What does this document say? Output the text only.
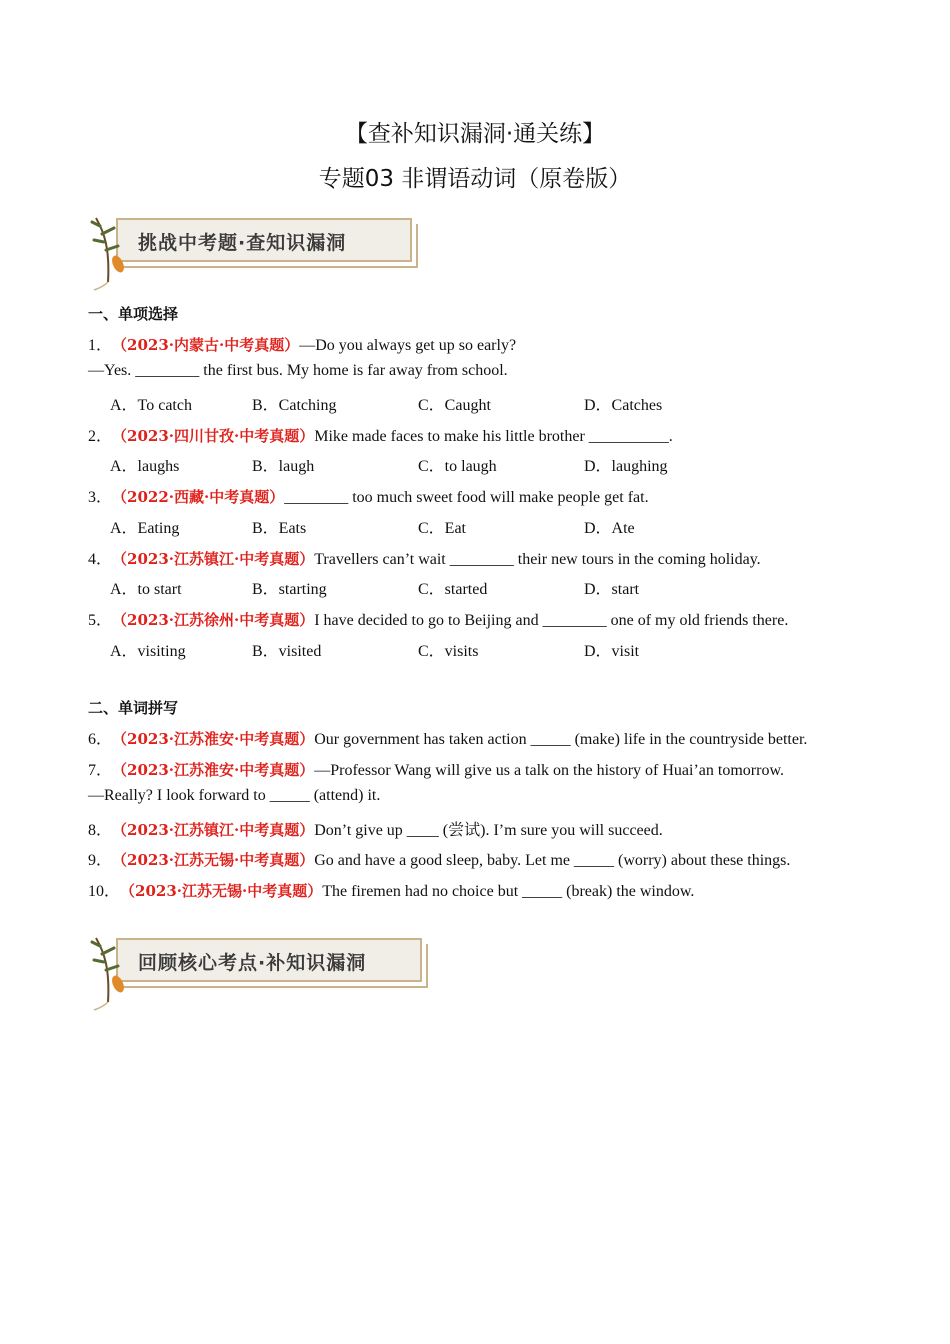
【查补知识漏洞·通关练】
专题03 非谓语动词（原卷版）
挑战中考题·查知识漏洞
一、单项选择
1．（2023·内蒙古·中考真题）—Do you always get up so early?
—Yes. ________ the first bus. My home is far away from school.
A．To catch	B．Catching	C．Caught	D．Catches
2．（2023·四川甘孜·中考真题）Mike made faces to make his little brother __________.
A．laughs	B．laugh	C．to laugh	D．laughing
3．（2022·西藏·中考真题）________ too much sweet food will make people get fat.
A．Eating	B．Eats	C．Eat	D．Ate
4．（2023·江苏镇江·中考真题）Travellers can’t wait ________ their new tours in the coming holiday.
A．to start	B．starting	C．started	D．start
5．（2023·江苏徐州·中考真题）I have decided to go to Beijing and ________ one of my old friends there.
A．visiting	B．visited	C．visits	D．visit
二、单词拼写
6．（2023·江苏淮安·中考真题）Our government has taken action _____ (make) life in the countryside better.
7．（2023·江苏淮安·中考真题）—Professor Wang will give us a talk on the history of Huai’an tomorrow.
—Really? I look forward to _____ (attend) it.
8．（2023·江苏镇江·中考真题）Don’t give up ____ (尝试). I’m sure you will succeed.
9．（2023·江苏无锡·中考真题）Go and have a good sleep, baby. Let me _____ (worry) about these things.
10．（2023·江苏无锡·中考真题）The firemen had no choice but _____ (break) the window.
回顾核心考点·补知识漏洞
